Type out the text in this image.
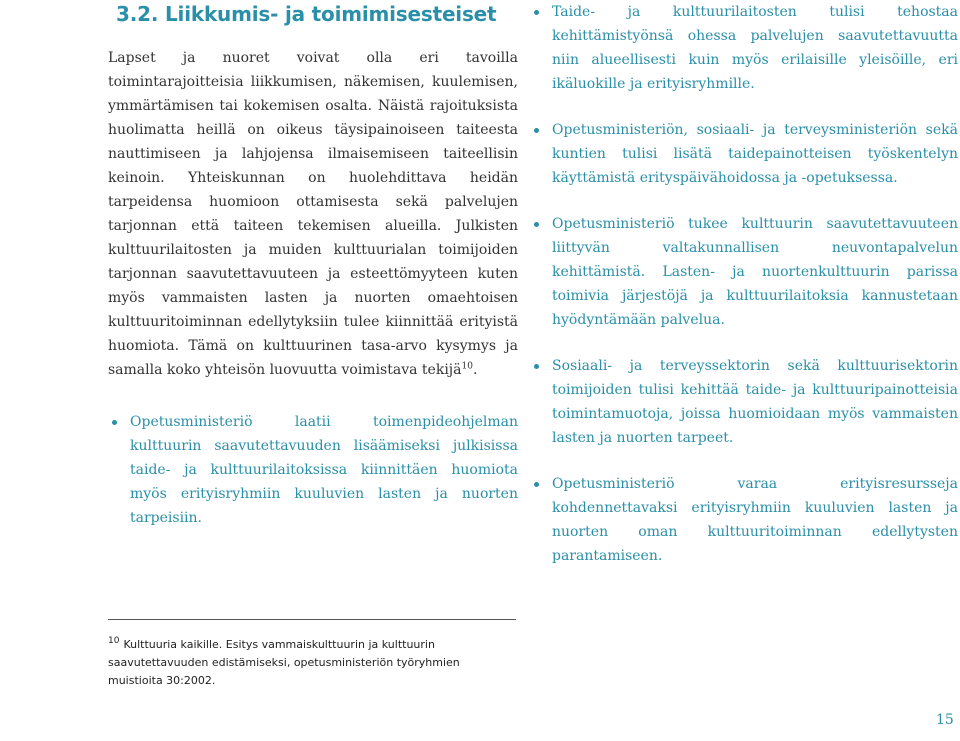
3.2. Liikkumis- ja toimimisesteiset

Lapset ja nuoret voivat olla eri tavoilla toimintarajoitteisia liikkumisen, näkemisen, kuulemisen, ymmärtämisen tai kokemisen osalta. Näistä rajoituksista huolimatta heillä on oikeus täysipainoiseen taiteesta nauttimiseen ja lahjojensa ilmaisemiseen taiteellisin keinoin. Yhteiskunnan on huolehdittava heidän tarpeidensa huomioon ottamisesta sekä palvelujen tarjonnan että taiteen tekemisen alueilla. Julkisten kulttuurilaitosten ja muiden kulttuurialan toimijoiden tarjonnan saavutettavuuteen ja esteettömyyteen kuten myös vammaisten lasten ja nuorten omaehtoisen kulttuuritoiminnan edellytyksiin tulee kiinnittää erityistä huomiota. Tämä on kulttuurinen tasa-arvo kysymys ja samalla koko yhteisön luovuutta voimistava tekijä$^{10}$.

Opetusministeriö laatii toimenpideohjelman kulttuurin saavutettavuuden lisäämiseksi julkisissa taide- ja kulttuurilaitoksissa kiinnittäen huomiota myös erityisryhmiin kuuluvien lasten ja nuorten tarpeisiin.
Taide- ja kulttuurilaitosten tulisi tehostaa kehittämistyönsä ohessa palvelujen saavutettavuutta niin alueellisesti kuin myös erilaisille yleisöille, eri ikäluokille ja erityisryhmille.
Opetusministeriön, sosiaali- ja terveysministeriön sekä kuntien tulisi lisätä taidepainotteisen työskentelyn käyttämistä erityspäivähoidossa ja -opetuksessa.
Opetusministeriö tukee kulttuurin saavutettavuuteen liittyvän valtakunnallisen neuvontapalvelun kehittämistä. Lasten- ja nuortenkulttuurin parissa toimivia järjestöjä ja kulttuurilaitoksia kannustetaan hyödyntämään palvelua.
Sosiaali- ja terveyssektorin sekä kulttuurisektorin toimijoiden tulisi kehittää taide- ja kulttuuripainotteisia toimintamuotoja, joissa huomioidaan myös vammaisten lasten ja nuorten tarpeet.
Opetusministeriö varaa erityisresursseja kohdennettavaksi erityisryhmiin kuuluvien lasten ja nuorten oman kulttuuritoiminnan edellytysten parantamiseen.

$^{10}$ Kulttuuria kaikille. Esitys vammaiskulttuurin ja kulttuurin saavutettavuuden edistämiseksi, opetusministeriön työryhmien muistioita 30:2002.

15
